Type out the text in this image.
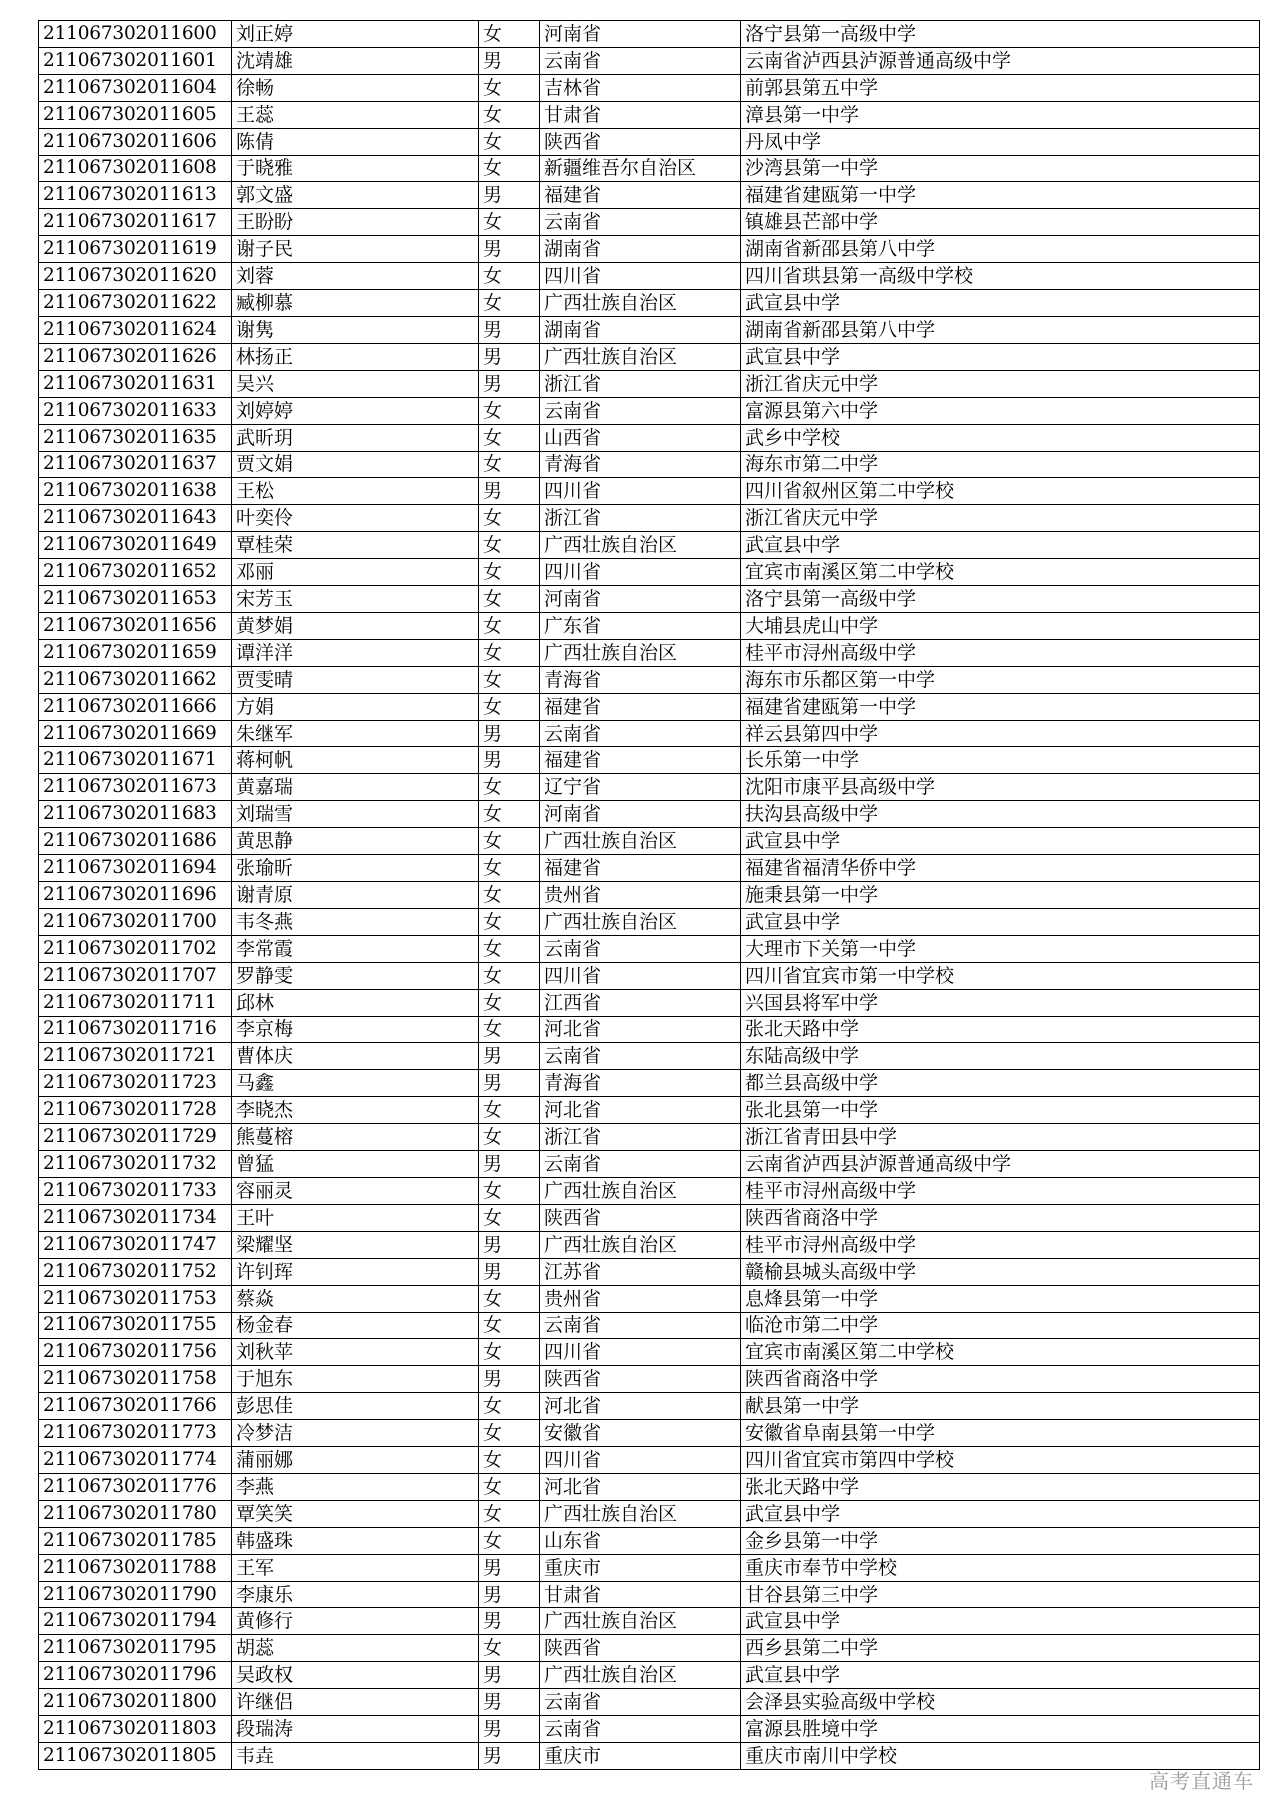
211067302011600	刘正婷	女	河南省	洛宁县第一高级中学
211067302011601	沈靖雄	男	云南省	云南省泸西县泸源普通高级中学
211067302011604	徐畅	女	吉林省	前郭县第五中学
211067302011605	王蕊	女	甘肃省	漳县第一中学
211067302011606	陈倩	女	陕西省	丹凤中学
211067302011608	于晓雅	女	新疆维吾尔自治区	沙湾县第一中学
211067302011613	郭文盛	男	福建省	福建省建瓯第一中学
211067302011617	王盼盼	女	云南省	镇雄县芒部中学
211067302011619	谢子民	男	湖南省	湖南省新邵县第八中学
211067302011620	刘蓉	女	四川省	四川省珙县第一高级中学校
211067302011622	臧柳慕	女	广西壮族自治区	武宣县中学
211067302011624	谢隽	男	湖南省	湖南省新邵县第八中学
211067302011626	林扬正	男	广西壮族自治区	武宣县中学
211067302011631	吴兴	男	浙江省	浙江省庆元中学
211067302011633	刘婷婷	女	云南省	富源县第六中学
211067302011635	武昕玥	女	山西省	武乡中学校
211067302011637	贾文娟	女	青海省	海东市第二中学
211067302011638	王松	男	四川省	四川省叙州区第二中学校
211067302011643	叶奕伶	女	浙江省	浙江省庆元中学
211067302011649	覃桂荣	女	广西壮族自治区	武宣县中学
211067302011652	邓丽	女	四川省	宜宾市南溪区第二中学校
211067302011653	宋芳玉	女	河南省	洛宁县第一高级中学
211067302011656	黄梦娟	女	广东省	大埔县虎山中学
211067302011659	谭洋洋	女	广西壮族自治区	桂平市浔州高级中学
211067302011662	贾雯晴	女	青海省	海东市乐都区第一中学
211067302011666	方娟	女	福建省	福建省建瓯第一中学
211067302011669	朱继军	男	云南省	祥云县第四中学
211067302011671	蒋柯帆	男	福建省	长乐第一中学
211067302011673	黄嘉瑞	女	辽宁省	沈阳市康平县高级中学
211067302011683	刘瑞雪	女	河南省	扶沟县高级中学
211067302011686	黄思静	女	广西壮族自治区	武宣县中学
211067302011694	张瑜昕	女	福建省	福建省福清华侨中学
211067302011696	谢青原	女	贵州省	施秉县第一中学
211067302011700	韦冬燕	女	广西壮族自治区	武宣县中学
211067302011702	李常霞	女	云南省	大理市下关第一中学
211067302011707	罗静雯	女	四川省	四川省宜宾市第一中学校
211067302011711	邱林	女	江西省	兴国县将军中学
211067302011716	李京梅	女	河北省	张北天路中学
211067302011721	曹体庆	男	云南省	东陆高级中学
211067302011723	马鑫	男	青海省	都兰县高级中学
211067302011728	李晓杰	女	河北省	张北县第一中学
211067302011729	熊蔓榕	女	浙江省	浙江省青田县中学
211067302011732	曾猛	男	云南省	云南省泸西县泸源普通高级中学
211067302011733	容丽灵	女	广西壮族自治区	桂平市浔州高级中学
211067302011734	王叶	女	陕西省	陕西省商洛中学
211067302011747	梁耀坚	男	广西壮族自治区	桂平市浔州高级中学
211067302011752	许钊珲	男	江苏省	赣榆县城头高级中学
211067302011753	蔡焱	女	贵州省	息烽县第一中学
211067302011755	杨金春	女	云南省	临沧市第二中学
211067302011756	刘秋苹	女	四川省	宜宾市南溪区第二中学校
211067302011758	于旭东	男	陕西省	陕西省商洛中学
211067302011766	彭思佳	女	河北省	献县第一中学
211067302011773	冷梦洁	女	安徽省	安徽省阜南县第一中学
211067302011774	蒲丽娜	女	四川省	四川省宜宾市第四中学校
211067302011776	李燕	女	河北省	张北天路中学
211067302011780	覃笑笑	女	广西壮族自治区	武宣县中学
211067302011785	韩盛珠	女	山东省	金乡县第一中学
211067302011788	王军	男	重庆市	重庆市奉节中学校
211067302011790	李康乐	男	甘肃省	甘谷县第三中学
211067302011794	黄修行	男	广西壮族自治区	武宣县中学
211067302011795	胡蕊	女	陕西省	西乡县第二中学
211067302011796	吴政权	男	广西壮族自治区	武宣县中学
211067302011800	许继侣	男	云南省	会泽县实验高级中学校
211067302011803	段瑞涛	男	云南省	富源县胜境中学
211067302011805	韦垚	男	重庆市	重庆市南川中学校
高考直通车
